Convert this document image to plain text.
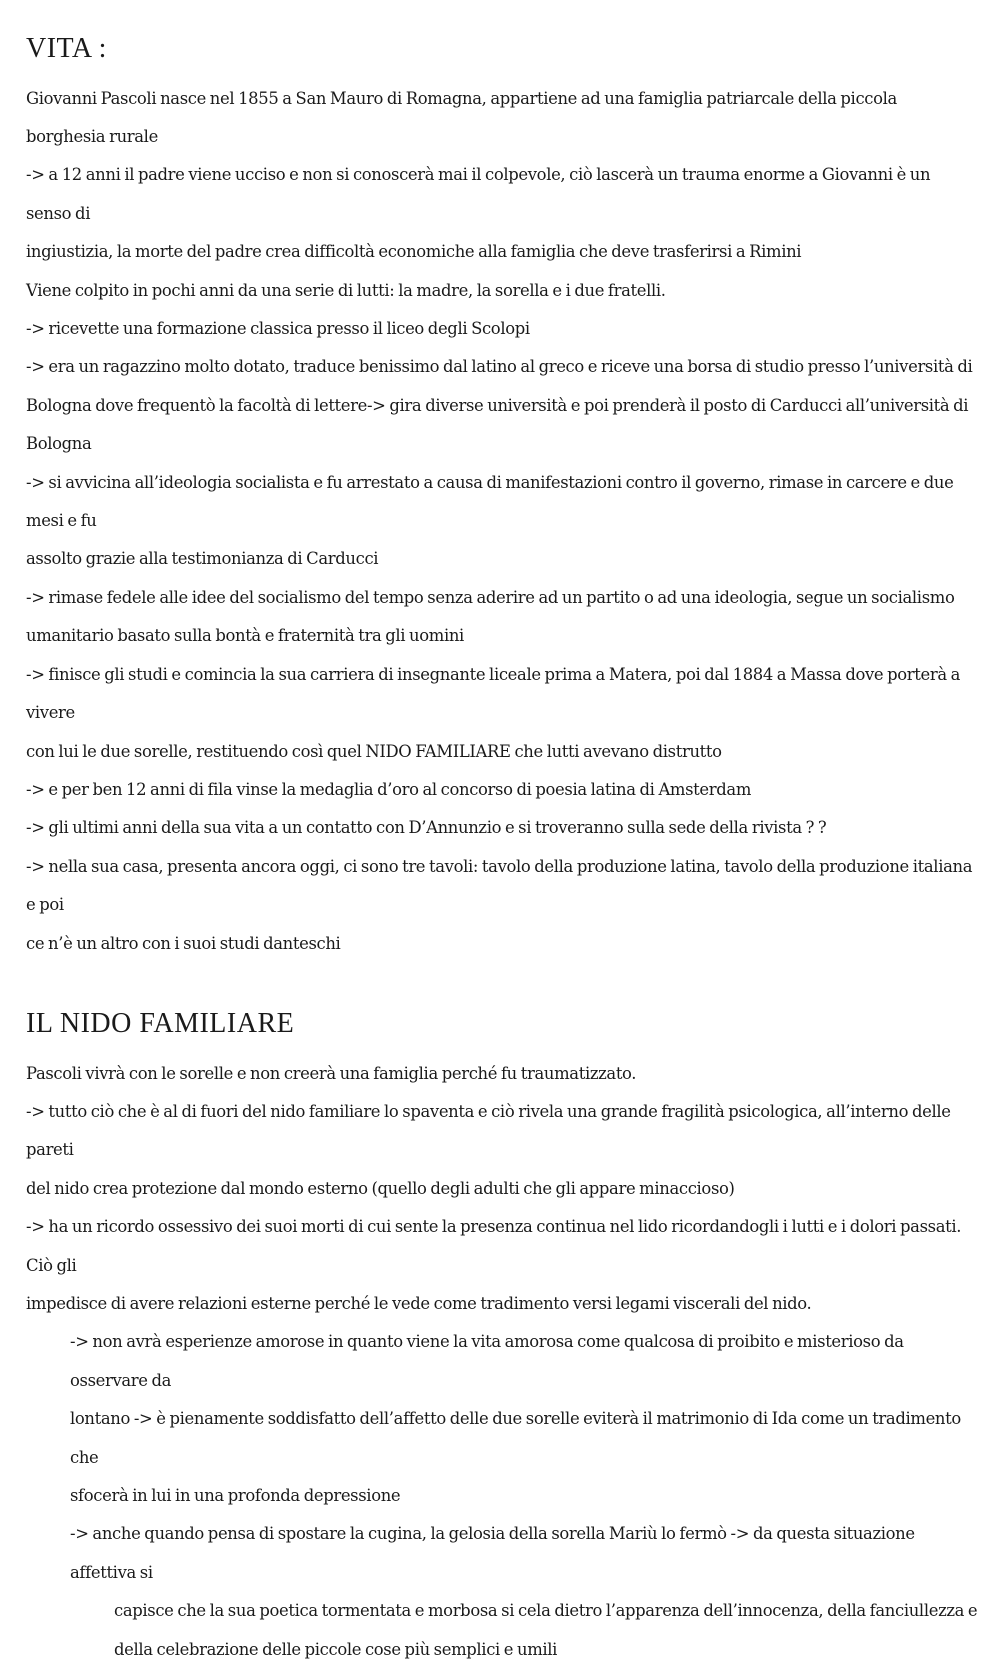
VITA :

Giovanni Pascoli nasce nel 1855 a San Mauro di Romagna, appartiene ad una famiglia patriarcale della piccola borghesia rurale

-> a 12 anni il padre viene ucciso e non si conoscerà mai il colpevole, ciò lascerà un trauma enorme a Giovanni è un senso di

ingiustizia, la morte del padre crea difficoltà economiche alla famiglia che deve trasferirsi a Rimini

Viene colpito in pochi anni da una serie di lutti: la madre, la sorella e i due fratelli.

-> ricevette una formazione classica presso il liceo degli Scolopi

-> era un ragazzino molto dotato, traduce benissimo dal latino al greco e riceve una borsa di studio presso l’università di

Bologna dove frequentò la facoltà di lettere-> gira diverse università e poi prenderà il posto di Carducci all’università di

Bologna

-> si avvicina all’ideologia socialista e fu arrestato a causa di manifestazioni contro il governo, rimase in carcere e due mesi e fu

assolto grazie alla testimonianza di Carducci

-> rimase fedele alle idee del socialismo del tempo senza aderire ad un partito o ad una ideologia, segue un socialismo

umanitario basato sulla bontà e fraternità tra gli uomini

-> finisce gli studi e comincia la sua carriera di insegnante liceale prima a Matera, poi dal 1884 a Massa dove porterà a vivere

con lui le due sorelle, restituendo così quel NIDO FAMILIARE che lutti avevano distrutto

-> e per ben 12 anni di fila vinse la medaglia d’oro al concorso di poesia latina di Amsterdam

-> gli ultimi anni della sua vita a un contatto con D’Annunzio e si troveranno sulla sede della rivista ? ?

-> nella sua casa, presenta ancora oggi, ci sono tre tavoli: tavolo della produzione latina, tavolo della produzione italiana e poi

ce n’è un altro con i suoi studi danteschi

IL NIDO FAMILIARE

Pascoli vivrà con le sorelle e non creerà una famiglia perché fu traumatizzato.

-> tutto ciò che è al di fuori del nido familiare lo spaventa e ciò rivela una grande fragilità psicologica, all’interno delle pareti

del nido crea protezione dal mondo esterno (quello degli adulti che gli appare minaccioso)

-> ha un ricordo ossessivo dei suoi morti di cui sente la presenza continua nel lido ricordandogli i lutti e i dolori passati. Ciò gli

impedisce di avere relazioni esterne perché le vede come tradimento versi legami viscerali del nido.

-> non avrà esperienze amorose in quanto viene la vita amorosa come qualcosa di proibito e misterioso da osservare da

lontano -> è pienamente soddisfatto dell’affetto delle due sorelle eviterà il matrimonio di Ida come un tradimento che

sfocerà in lui in una profonda depressione

-> anche quando pensa di spostare la cugina, la gelosia della sorella Mariù lo fermò -> da questa situazione affettiva si

capisce che la sua poetica tormentata e morbosa si cela dietro l’apparenza dell’innocenza, della fanciullezza e

della celebrazione delle piccole cose più semplici e umili
